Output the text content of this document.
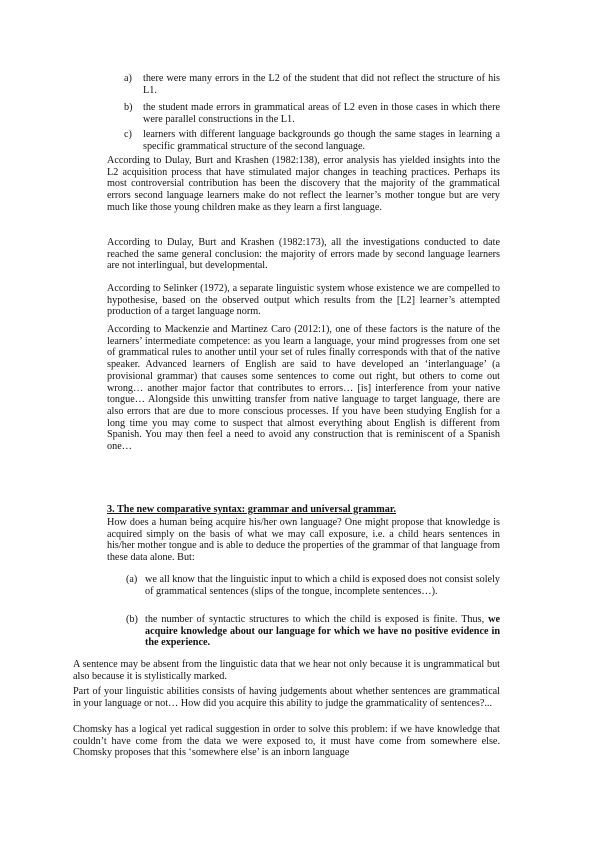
a) there were many errors in the L2 of the student that did not reflect the structure of his L1.

b) the student made errors in grammatical areas of L2 even in those cases in which there were parallel constructions in the L1.

c) learners with different language backgrounds go though the same stages in learning a specific grammatical structure of the second language.

According to Dulay, Burt and Krashen (1982:138), error analysis has yielded insights into the L2 acquisition process that have stimulated major changes in teaching practices. Perhaps its most controversial contribution has been the discovery that the majority of the grammatical errors second language learners make do not reflect the learner’s mother tongue but are very much like those young children make as they learn a first language.

According to Dulay, Burt and Krashen (1982:173), all the investigations conducted to date reached the same general conclusion: the majority of errors made by second language learners are not interlingual, but developmental.

According to Selinker (1972), a separate linguistic system whose existence we are compelled to hypothesise, based on the observed output which results from the [L2] learner’s attempted production of a target language norm.

According to Mackenzie and Martinez Caro (2012:1), one of these factors is the nature of the learners’ intermediate competence: as you learn a language, your mind progresses from one set of grammatical rules to another until your set of rules finally corresponds with that of the native speaker. Advanced learners of English are said to have developed an ‘interlanguage’ (a provisional grammar) that causes some sentences to come out right, but others to come out wrong… another major factor that contributes to errors… [is] interference from your native tongue… Alongside this unwitting transfer from native language to target language, there are also errors that are due to more conscious processes. If you have been studying English for a long time you may come to suspect that almost everything about English is different from Spanish. You may then feel a need to avoid any construction that is reminiscent of a Spanish one…

3. The new comparative syntax: grammar and universal grammar.

How does a human being acquire his/her own language? One might propose that knowledge is acquired simply on the basis of what we may call exposure, i.e. a child hears sentences in his/her mother tongue and is able to deduce the properties of the grammar of that language from these data alone. But:

(a) we all know that the linguistic input to which a child is exposed does not consist solely of grammatical sentences (slips of the tongue, incomplete sentences…).

(b) the number of syntactic structures to which the child is exposed is finite. Thus, we acquire knowledge about our language for which we have no positive evidence in the experience.

A sentence may be absent from the linguistic data that we hear not only because it is ungrammatical but also because it is stylistically marked.

Part of your linguistic abilities consists of having judgements about whether sentences are grammatical in your language or not… How did you acquire this ability to judge the grammaticality of sentences?...

Chomsky has a logical yet radical suggestion in order to solve this problem: if we have knowledge that couldn’t have come from the data we were exposed to, it must have come from somewhere else. Chomsky proposes that this ‘somewhere else’ is an inborn language
